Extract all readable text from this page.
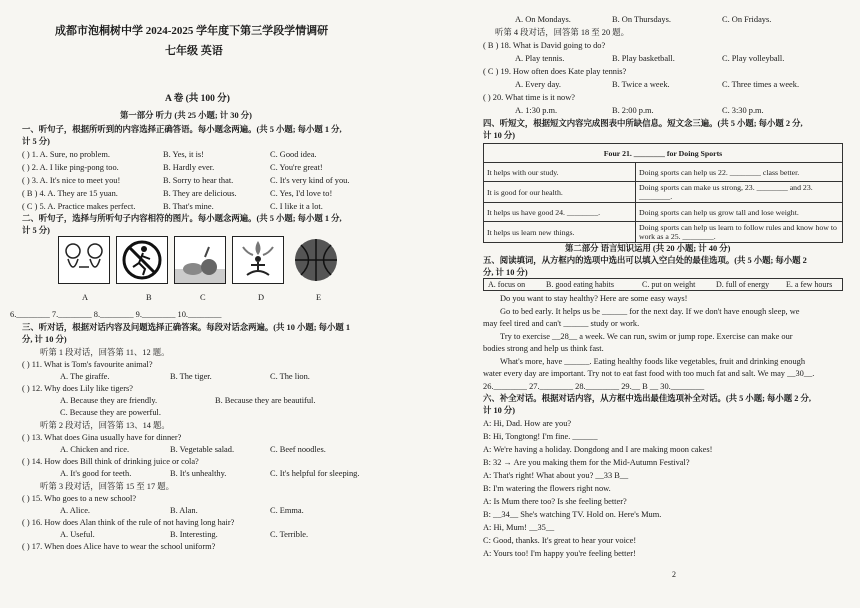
成都市泡桐树中学 2024-2025 学年度下第三学段学情调研
七年级 英语
A 卷 (共 100 分)
第一部分 听力 (共 25 小题; 计 30 分)
一、听句子，根据所听到的内容选择正确答语。每小题念两遍。(共 5 小题; 每小题 1 分,
计 5 分)
( ) 1. A. Sure, no problem.	B. Yes, it is!	C. Good idea.
( ) 2. A. I like ping-pong too.	B. Hardly ever.	C. You're great!
( ) 3. A. It's nice to meet you!	B. Sorry to hear that.	C. It's very kind of you.
( B ) 4. A. They are 15 yuan.	B. They are delicious.	C. Yes, I'd love to!
( C ) 5. A. Practice makes perfect.	B. That's mine.	C. I like it a lot.
二、听句子，选择与所听句子内容相符的图片。每小题念两遍。(共 5 小题; 每小题 1 分,
计 5 分)
A	B	C	D	E
6.________ 7.________ 8.________ 9.________ 10.________
三、听对话，根据对话内容及问题选择正确答案。每段对话念两遍。(共 10 小题; 每小题 1
分, 计 10 分)
听第 1 段对话，回答第 11、12 题。
( ) 11. What is Tom's favourite animal?
A. The giraffe.	B. The tiger.	C. The lion.
( ) 12. Why does Lily like tigers?
A. Because they are friendly.	B. Because they are beautiful.
C. Because they are powerful.
听第 2 段对话，回答第 13、14 题。
( ) 13. What does Gina usually have for dinner?
A. Chicken and rice.	B. Vegetable salad.	C. Beef noodles.
( ) 14. How does Bill think of drinking juice or cola?
A. It's good for teeth.	B. It's unhealthy.	C. It's helpful for sleeping.
听第 3 段对话，回答第 15 至 17 题。
( ) 15. Who goes to a new school?
A. Alice.	B. Alan.	C. Emma.
( ) 16. How does Alan think of the rule of not having long hair?
A. Useful.	B. Interesting.	C. Terrible.
( ) 17. When does Alice have to wear the school uniform?
A. On Mondays.	B. On Thursdays.	C. On Fridays.
听第 4 段对话，回答第 18 至 20 题。
( B ) 18. What is David going to do?
A. Play tennis.	B. Play basketball.	C. Play volleyball.
( C ) 19. How often does Kate play tennis?
A. Every day.	B. Twice a week.	C. Three times a week.
( ) 20. What time is it now?
A. 1:30 p.m.	B. 2:00 p.m.	C. 3:30 p.m.
四、听短文，根据短文内容完成图表中所缺信息。短文念三遍。(共 5 小题; 每小题 2 分,
计 10 分)
Four 21. ________ for Doing Sports	
It helps with our study.	Doing sports can help us 22. ________ class better.
It is good for our health.	Doing sports can make us strong, 23. ________ and 23. ________.
It helps us have good 24. ________.	Doing sports can help us grow tall and lose weight.
It helps us learn new things.	Doing sports can help us learn to follow rules and know how to work as a 25. ________.
第二部分 语言知识运用 (共 20 小题; 计 40 分)
五、阅读填词，从方框内的选项中选出可以填入空白处的最佳选项。(共 5 小题; 每小题 2
分, 计 10 分)
A. focus on	B. good eating habits	C. put on weight	D. full of energy E. a few hours
Do you want to stay healthy? Here are some easy ways!
Go to bed early. It helps us be ______ for the next day. If we don't have enough sleep, we
may feel tired and can't ______ study or work.
Try to exercise __28__ a week. We can run, swim or jump rope. Exercise can make our
bodies strong and help us think fast.
What's more, have ______. Eating healthy foods like vegetables, fruit and drinking enough
water every day are important. Try not to eat fast food with too much fat and salt. We may __30__.
26.________ 27.________ 28.________ 29.__ B __ 30.________
六、补全对话。根据对话内容，从方框中选出最佳选项补全对话。(共 5 小题; 每小题 2 分,
计 10 分)
A: Hi, Dad. How are you?
B: Hi, Tongtong! I'm fine. ______
A: We're having a holiday. Dongdong and I are making moon cakes!
B: 32 → Are you making them for the Mid-Autumn Festival?
A: That's right! What about you? __33 B__
B: I'm watering the flowers right now.
A: Is Mum there too? Is she feeling better?
B: __34__ She's watching TV. Hold on. Here's Mum.
A: Hi, Mum! __35__
C: Good, thanks. It's great to hear your voice!
A: Yours too! I'm happy you're feeling better!
2
